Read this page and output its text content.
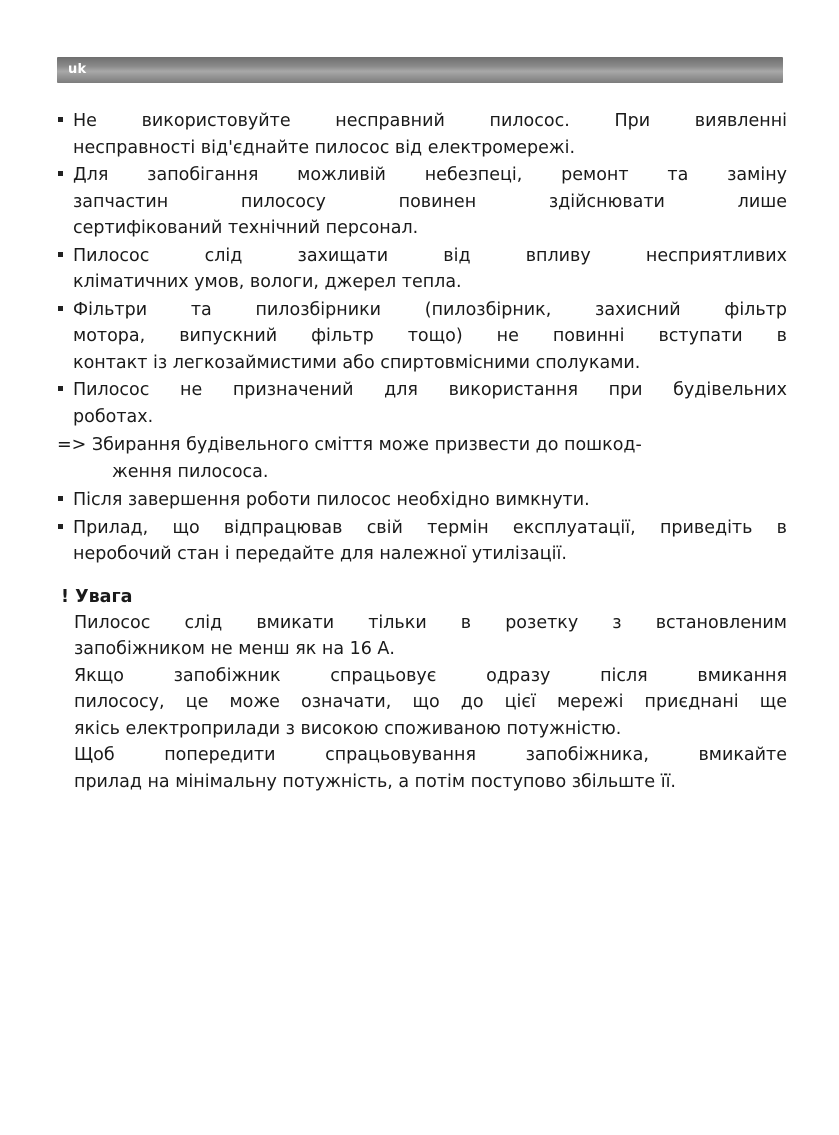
uk
Не використовуйте несправний пилосос. При виявленні
несправності від'єднайте пилосос від електромережі.
Для запобігання можливій небезпеці, ремонт та заміну
запчастин пилососу повинен здійснювати лише
сертифікований технічний персонал.
Пилосос слід захищати від впливу несприятливих
кліматичних умов, вологи, джерел тепла.
Фільтри та пилозбірники (пилозбірник, захисний фільтр
мотора, випускний фільтр тощо) не повинні вступати в
контакт із легкозаймистими або спиртовмісними сполуками.
Пилосос не призначений для використання при будівельних
роботах.
=> Збирання будівельного сміття може призвести до пошкод-
ження пилососа.
Після завершення роботи пилосос необхідно вимкнути.
Прилад, що відпрацював свій термін експлуатації, приведіть в
неробочий стан і передайте для належної утилізації.
! Увага
Пилосос слід вмикати тільки в розетку з встановленим
запобіжником не менш як на 16 А.
Якщо запобіжник спрацьовує одразу після вмикання
пилососу, це може означати, що до цієї мережі приєднані ще
якісь електроприлади з високою споживаною потужністю.
Щоб попередити спрацьовування запобіжника, вмикайте
прилад на мінімальну потужність, а потім поступово збільште її.
